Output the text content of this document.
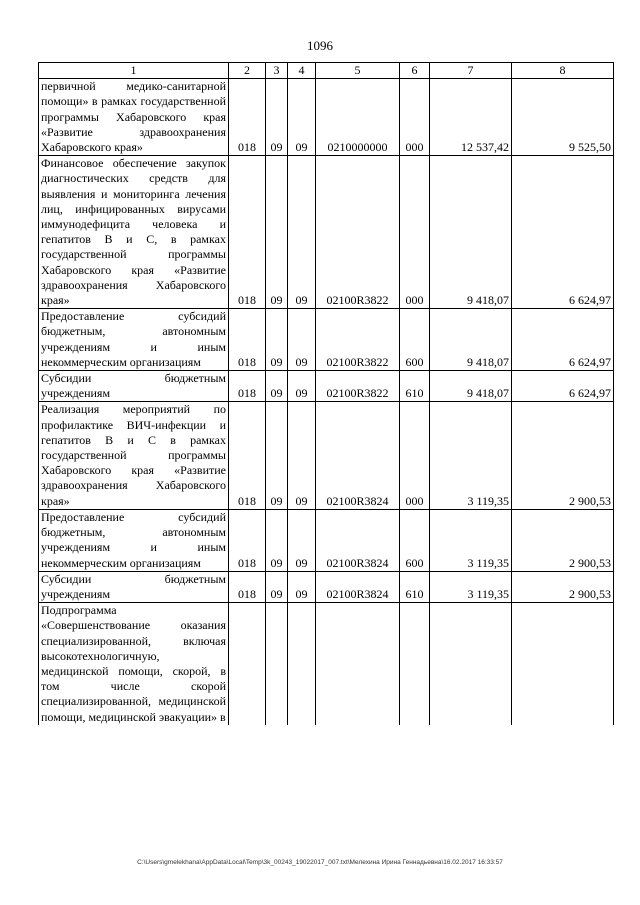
1096
1	2	3	4	5	6	7	8
первичной медико-санитарной помощи» в рамках государственной программы Хабаровского края «Развитие здравоохранения Хабаровского края»	018	09	09	0210000000	000	12 537,42	9 525,50
Финансовое обеспечение закупок диагностических средств для выявления и мониторинга лечения лиц, инфицированных вирусами иммунодефицита человека и гепатитов В и С, в рамках государственной программы Хабаровского края «Развитие здравоохранения Хабаровского края»	018	09	09	02100R3822	000	9 418,07	6 624,97
Предоставление субсидий бюджетным, автономным учреждениям и иным некоммерческим организациям	018	09	09	02100R3822	600	9 418,07	6 624,97
Субсидии бюджетным учреждениям	018	09	09	02100R3822	610	9 418,07	6 624,97
Реализация мероприятий по профилактике ВИЧ-инфекции и гепатитов В и С в рамках государственной программы Хабаровского края «Развитие здравоохранения Хабаровского края»	018	09	09	02100R3824	000	3 119,35	2 900,53
Предоставление субсидий бюджетным, автономным учреждениям и иным некоммерческим организациям	018	09	09	02100R3824	600	3 119,35	2 900,53
Субсидии бюджетным учреждениям	018	09	09	02100R3824	610	3 119,35	2 900,53
Подпрограмма «Совершенствование оказания специализированной, включая высокотехнологичную, медицинской помощи, скорой, в том числе скорой специализированной, медицинской помощи, медицинской эвакуации» в							
C:\Users\gmelekhana\AppData\Local\Temp\3k_00243_19022017_007.txt\Мелехина Ирина Геннадьевна\16.02.2017 16:33:57
